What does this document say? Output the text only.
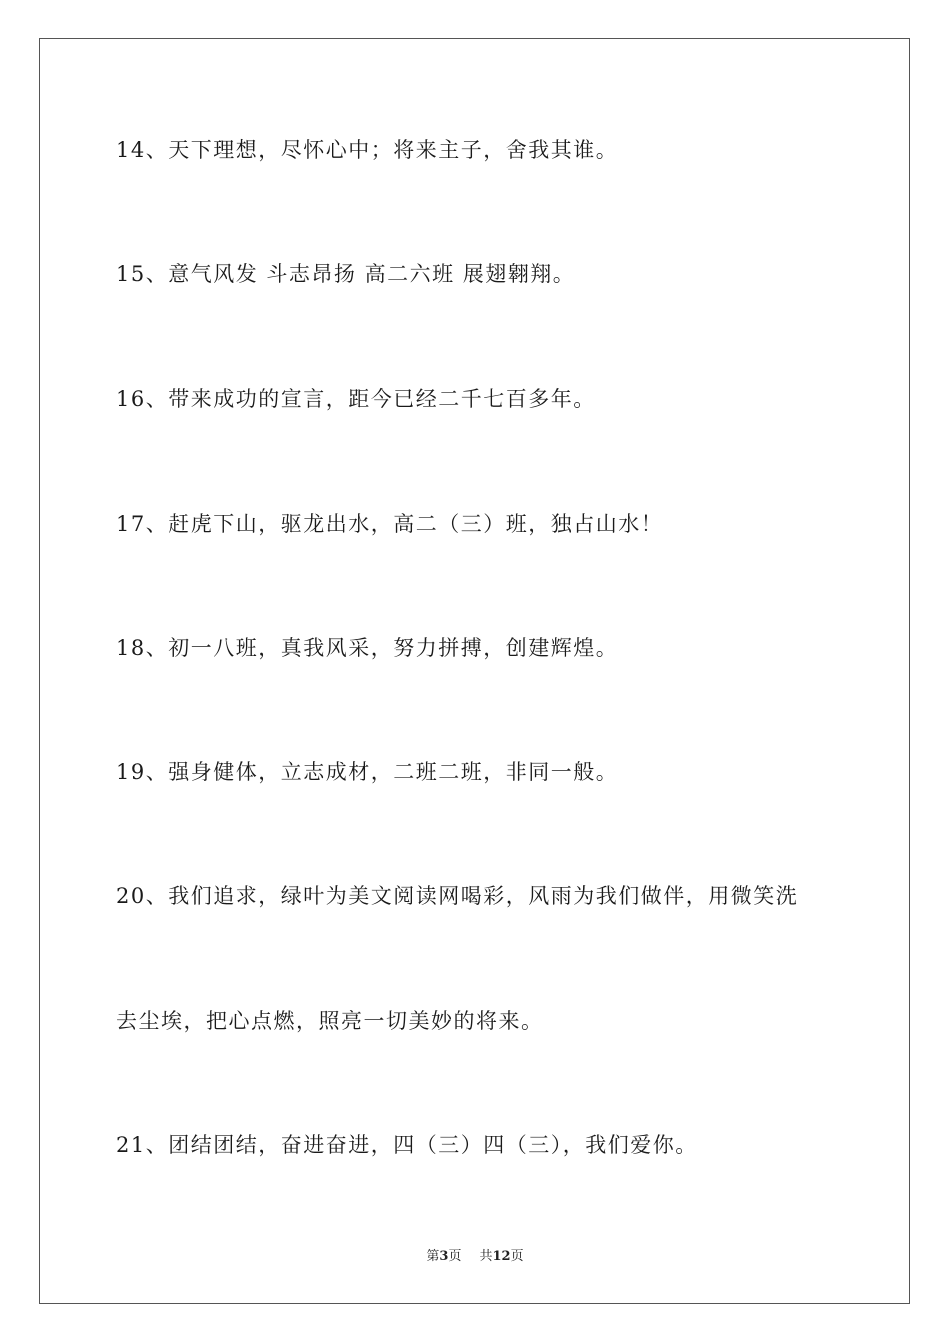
14、天下理想，尽怀心中；将来主子，舍我其谁。
15、意气风发 斗志昂扬 高二六班 展翅翱翔。
16、带来成功的宣言，距今已经二千七百多年。
17、赶虎下山，驱龙出水，高二（三）班，独占山水！
18、初一八班，真我风采，努力拼搏，创建辉煌。
19、强身健体，立志成材，二班二班，非同一般。
20、我们追求，绿叶为美文阅读网喝彩，风雨为我们做伴，用微笑洗
去尘埃，把心点燃，照亮一切美妙的将来。
21、团结团结，奋进奋进，四（三）四（三），我们爱你。
第3页 共12页
